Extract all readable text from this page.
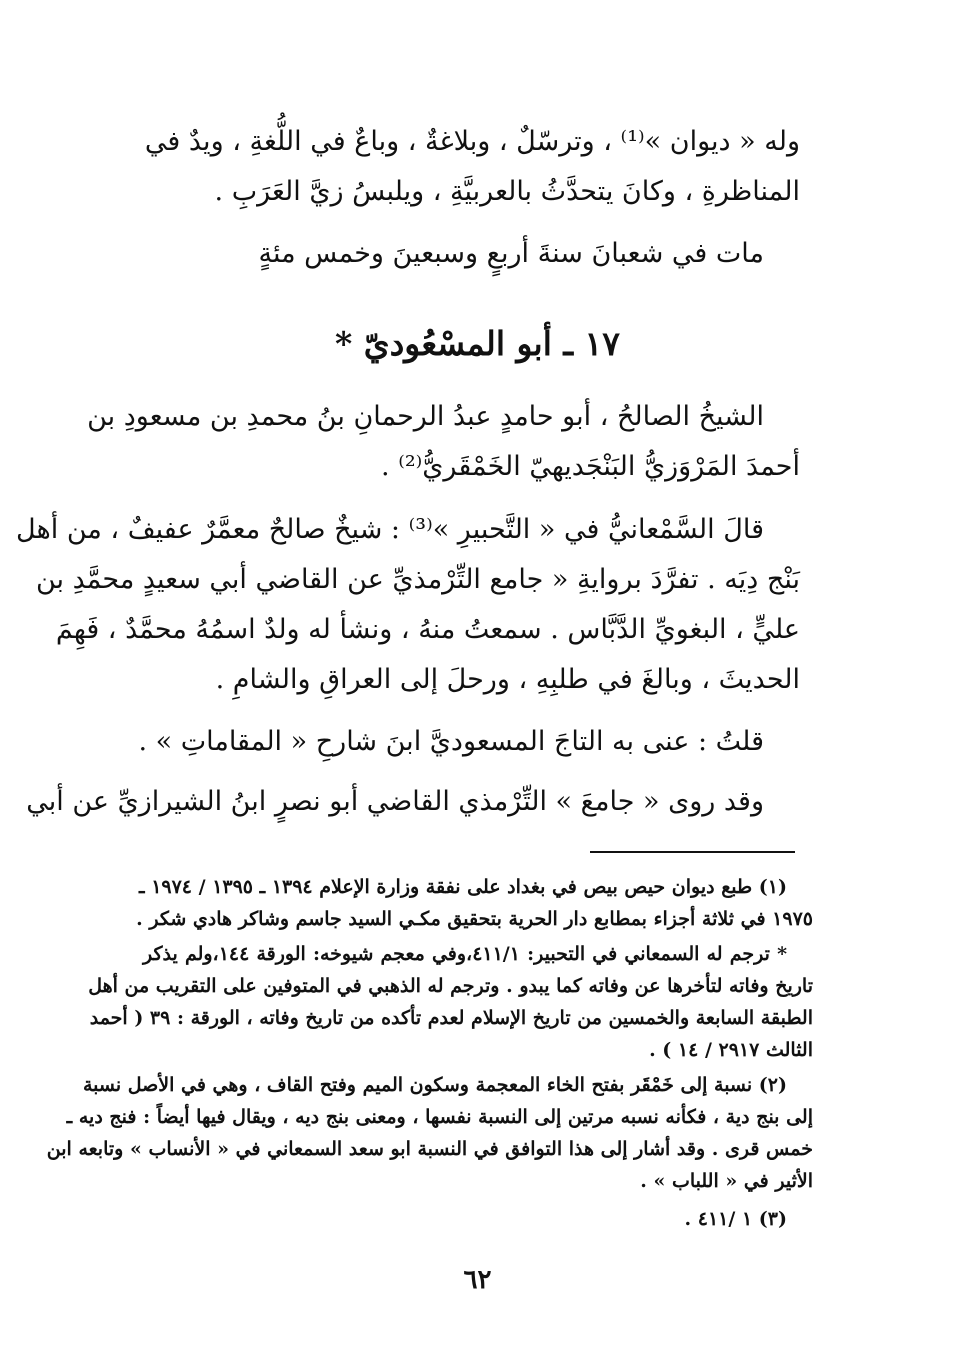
وله « ديوان »⁽¹⁾ ، وترسّلٌ ، وبلاغةٌ ، وباعٌ في اللُّغةِ ، ويدٌ في
المناظرةِ ، وكانَ يتحدَّثُ بالعربيَّةِ ، ويلبسُ زيَّ العَرَبِ .
مات في شعبانَ سنةَ أربعٍ وسبعينَ وخمس مئةٍ
١٧ ـ أبو المسْعُوديّ *
الشيخُ الصالحُ ، أبو حامدٍ عبدُ الرحمانِ بنُ محمدِ بن مسعودِ بن
أحمدَ المَرْوَزيُّ البَنْجَديهيّ الخَمْقَريُّ⁽²⁾ .
قالَ السَّمْعانيُّ في « التَّحبيرِ »⁽³⁾ : شيخٌ صالحٌ معمَّرٌ عفيفٌ ، من أهل
بَنْج دِيَه . تفرَّدَ بروايةِ « جامع التِّرْمذيِّ عن القاضي أبي سعيدٍ محمَّدِ بن
عليٍّ ، البغويِّ الدَّبَّاس . سمعتُ منهُ ، ونشأ له ولدٌ اسمُهُ محمَّدٌ ، فَهِمَ
الحديثَ ، وبالغَ في طلبِهِ ، ورحلَ إلى العراقِ والشامِ .
قلتُ : عنى به التاجَ المسعوديَّ ابنَ شارحِ « المقاماتِ » .
وقد روى « جامعَ » التِّرْمذي القاضي أبو نصرٍ ابنُ الشيرازيِّ عن أبي
(١) طبع ديوان حيص بيص في بغداد على نفقة وزارة الإعلام ١٣٩٤ ـ ١٣٩٥ / ١٩٧٤ ـ
١٩٧٥ في ثلاثة أجزاء بمطابع دار الحرية بتحقيق مكـي السيد جاسم وشاكر هادي شكر .
* ترجم له السمعاني في التحبير: ٤١١/١،وفي معجم شيوخه: الورقة ١٤٤،ولم يذكر
تاريخ وفاته لتأخرها عن وفاته كما يبدو . وترجم له الذهبي في المتوفين على التقريب من أهل
الطبقة السابعة والخمسين من تاريخ الإسلام لعدم تأكده من تاريخ وفاته ، الورقة : ٣٩ ( أحمد
الثالث ٢٩١٧ / ١٤ ) .
(٢) نسبة إلى خَمْقَر بفتح الخاء المعجمة وسكون الميم وفتح القاف ، وهي في الأصل نسبة
إلى بنج دية ، فكأنه نسبه مرتين إلى النسبة نفسها ، ومعنى بنج ديه ، ويقال فيها أيضاً : فنج ديه ـ
خمس قرى . وقد أشار إلى هذا التوافق في النسبة ابو سعد السمعاني في « الأنساب » وتابعه ابن
الأثير في « اللباب » .
(٣) ١ /٤١١ .
٦٢
